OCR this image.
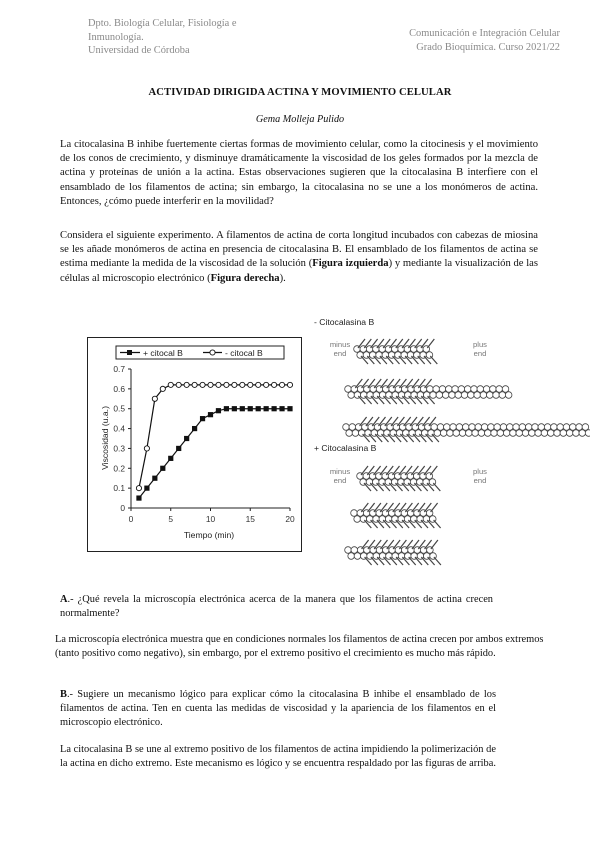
Dpto. Biología Celular, Fisiología e
Inmunología.
Universidad de Córdoba
Comunicación e Integración Celular
Grado Bioquímica. Curso 2021/22
ACTIVIDAD DIRIGIDA ACTINA Y MOVIMIENTO CELULAR
Gema Molleja Pulido
La citocalasina B inhibe fuertemente ciertas formas de movimiento celular, como la citocinesis y el movimiento de los conos de crecimiento, y disminuye dramáticamente la viscosidad de los geles formados por la mezcla de actina y proteínas de unión a la actina. Estas observaciones sugieren que la citocalasina B interfiere con el ensamblado de los filamentos de actina; sin embargo, la citocalasina no se une a los monómeros de actina. Entonces, ¿cómo puede interferir en la movilidad?
Considera el siguiente experimento. A filamentos de actina de corta longitud incubados con cabezas de miosina se les añade monómeros de actina en presencia de citocalasina B. El ensamblado de los filamentos de actina se estima mediante la medida de la viscosidad de la solución (Figura izquierda) y mediante la visualización de las células al microscopio electrónico (Figura derecha).
+ citocal B	- citocal B
0
0.1
0.2
0.3
0.4
0.5
0.6
0.7
0	5	10	15	20
Tiempo (min)
Viscosidad (u.a.)
- Citocalasina B
+ Citocalasina B
minus
end
plus
end
minus
end
plus
end
A.- ¿Qué revela la microscopía electrónica acerca de la manera que los filamentos de actina crecen normalmente?
La microscopía electrónica muestra que en condiciones normales los filamentos de actina crecen por ambos extremos (tanto positivo como negativo), sin embargo, por el extremo positivo el crecimiento es mucho más rápido.
B.- Sugiere un mecanismo lógico para explicar cómo la citocalasina B inhibe el ensamblado de los filamentos de actina. Ten en cuenta las medidas de viscosidad y la apariencia de los filamentos en el microscopio electrónico.
La citocalasina B se une al extremo positivo de los filamentos de actina impidiendo la polimerización de la actina en dicho extremo. Este mecanismo es lógico y se encuentra respaldado por las figuras de arriba.
